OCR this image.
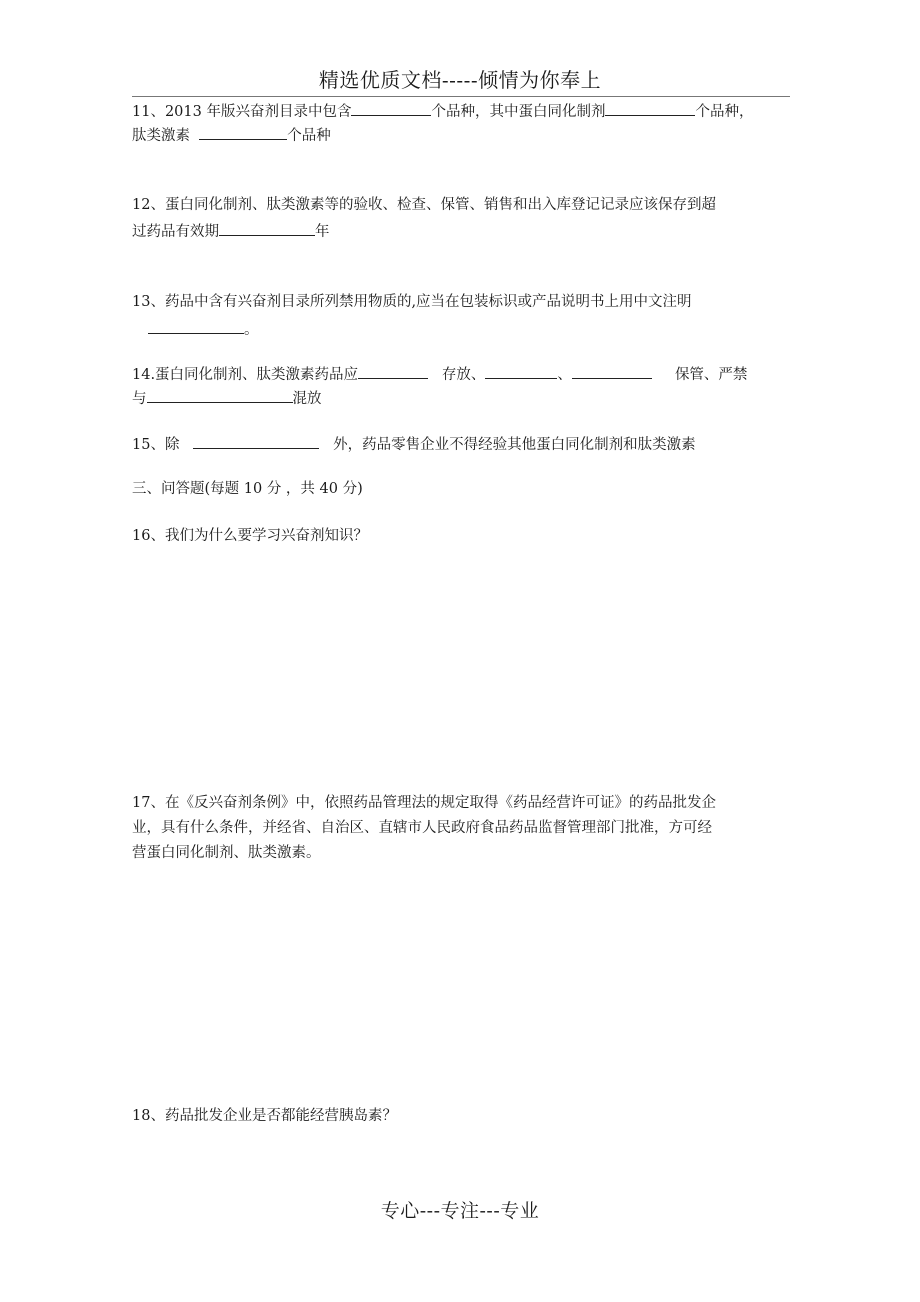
精选优质文档-----倾情为你奉上
11、2013 年版兴奋剂目录中包含	个品种，其中蛋白同化制剂	个品种，
肽类激素	个品种
12、蛋白同化制剂、肽类激素等的验收、检查、保管、销售和出入库登记记录应该保存到超
过药品有效期	年
13、药品中含有兴奋剂目录所列禁用物质的,应当在包装标识或产品说明书上用中文注明
。
14.蛋白同化制剂、肽类激素药品应	存放、	、	保管、严禁
与	混放
15、除	外，药品零售企业不得经验其他蛋白同化制剂和肽类激素
三、问答题(每题 10 分 ，共 40 分)
16、我们为什么要学习兴奋剂知识？
17、在《反兴奋剂条例》中，依照药品管理法的规定取得《药品经营许可证》的药品批发企
业，具有什么条件，并经省、自治区、直辖市人民政府食品药品监督管理部门批准，方可经
营蛋白同化制剂、肽类激素。
18、药品批发企业是否都能经营胰岛素？
专心---专注---专业
